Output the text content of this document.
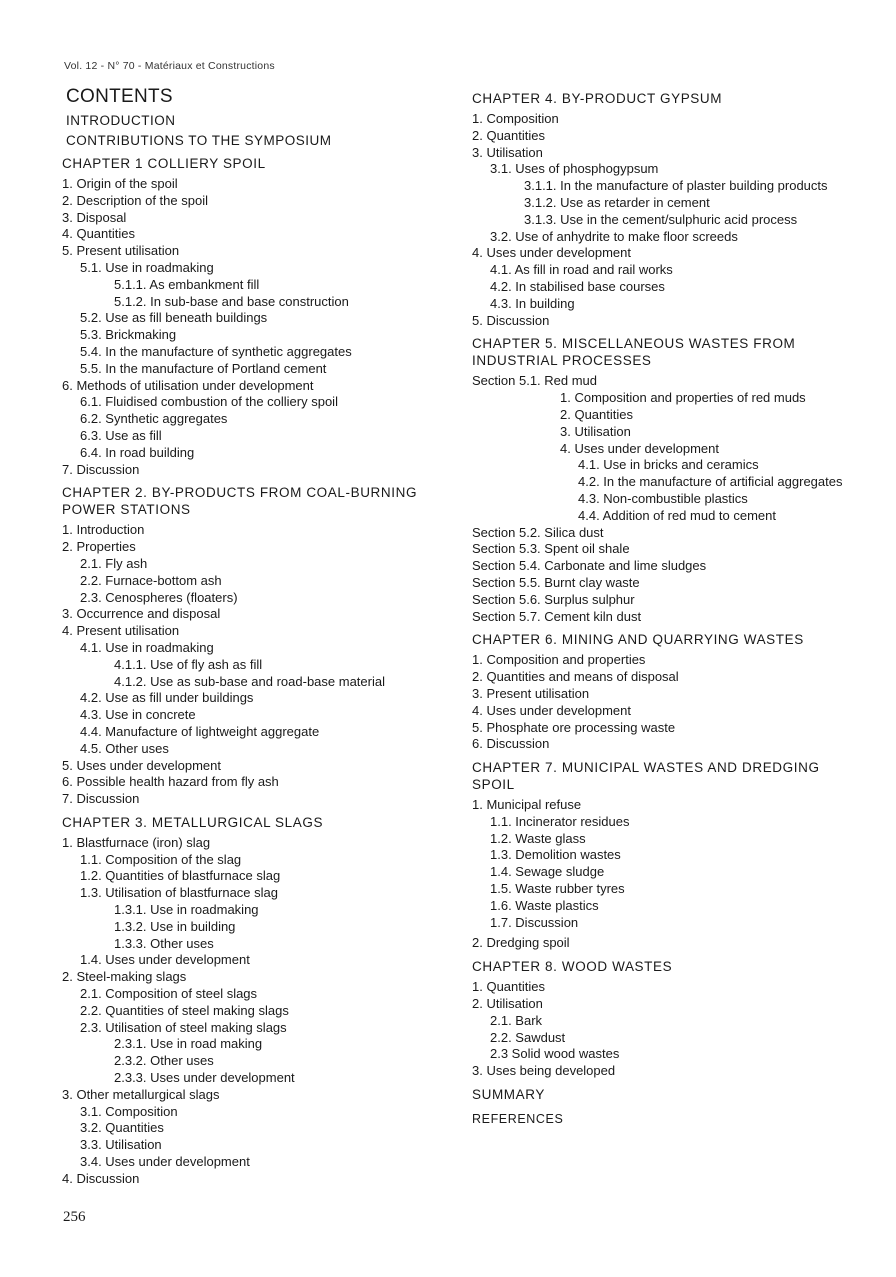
Vol. 12 - N° 70 - Matériaux et Constructions
CONTENTS
INTRODUCTION
CONTRIBUTIONS TO THE SYMPOSIUM
CHAPTER 1 COLLIERY SPOIL
1. Origin of the spoil
2. Description of the spoil
3. Disposal
4. Quantities
5. Present utilisation
5.1. Use in roadmaking
5.1.1. As embankment fill
5.1.2. In sub-base and base construction
5.2. Use as fill beneath buildings
5.3. Brickmaking
5.4. In the manufacture of synthetic aggregates
5.5. In the manufacture of Portland cement
6. Methods of utilisation under development
6.1. Fluidised combustion of the colliery spoil
6.2. Synthetic aggregates
6.3. Use as fill
6.4. In road building
7. Discussion
CHAPTER 2. BY-PRODUCTS FROM COAL-BURNING POWER STATIONS
1. Introduction
2. Properties
2.1. Fly ash
2.2. Furnace-bottom ash
2.3. Cenospheres (floaters)
3. Occurrence and disposal
4. Present utilisation
4.1. Use in roadmaking
4.1.1. Use of fly ash as fill
4.1.2. Use as sub-base and road-base material
4.2. Use as fill under buildings
4.3. Use in concrete
4.4. Manufacture of lightweight aggregate
4.5. Other uses
5. Uses under development
6. Possible health hazard from fly ash
7. Discussion
CHAPTER 3. METALLURGICAL SLAGS
1. Blastfurnace (iron) slag
1.1. Composition of the slag
1.2. Quantities of blastfurnace slag
1.3. Utilisation of blastfurnace slag
1.3.1. Use in roadmaking
1.3.2. Use in building
1.3.3. Other uses
1.4. Uses under development
2. Steel-making slags
2.1. Composition of steel slags
2.2. Quantities of steel making slags
2.3. Utilisation of steel making slags
2.3.1. Use in road making
2.3.2. Other uses
2.3.3. Uses under development
3. Other metallurgical slags
3.1. Composition
3.2. Quantities
3.3. Utilisation
3.4. Uses under development
4. Discussion
CHAPTER 4. BY-PRODUCT GYPSUM
1. Composition
2. Quantities
3. Utilisation
3.1. Uses of phosphogypsum
3.1.1. In the manufacture of plaster building products
3.1.2. Use as retarder in cement
3.1.3. Use in the cement/sulphuric acid process
3.2. Use of anhydrite to make floor screeds
4. Uses under development
4.1. As fill in road and rail works
4.2. In stabilised base courses
4.3. In building
5. Discussion
CHAPTER 5. MISCELLANEOUS WASTES FROM INDUSTRIAL PROCESSES
Section 5.1. Red mud
1. Composition and properties of red muds
2. Quantities
3. Utilisation
4. Uses under development
4.1. Use in bricks and ceramics
4.2. In the manufacture of artificial aggregates
4.3. Non-combustible plastics
4.4. Addition of red mud to cement
Section 5.2. Silica dust
Section 5.3. Spent oil shale
Section 5.4. Carbonate and lime sludges
Section 5.5. Burnt clay waste
Section 5.6. Surplus sulphur
Section 5.7. Cement kiln dust
CHAPTER 6. MINING AND QUARRYING WASTES
1. Composition and properties
2. Quantities and means of disposal
3. Present utilisation
4. Uses under development
5. Phosphate ore processing waste
6. Discussion
CHAPTER 7. MUNICIPAL WASTES AND DREDGING SPOIL
1. Municipal refuse
1.1. Incinerator residues
1.2. Waste glass
1.3. Demolition wastes
1.4. Sewage sludge
1.5. Waste rubber tyres
1.6. Waste plastics
1.7. Discussion
2. Dredging spoil
CHAPTER 8. WOOD WASTES
1. Quantities
2. Utilisation
2.1. Bark
2.2. Sawdust
2.3 Solid wood wastes
3. Uses being developed
SUMMARY
REFERENCES
256
